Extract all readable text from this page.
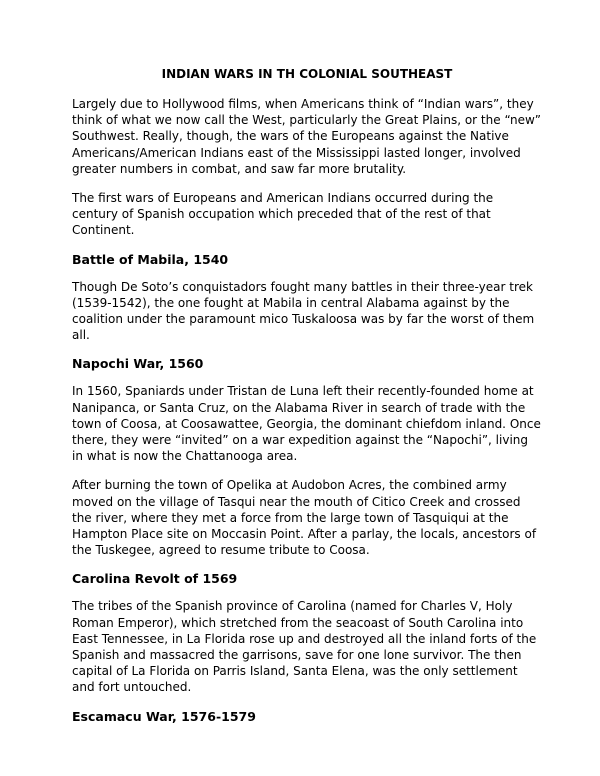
INDIAN WARS IN TH COLONIAL SOUTHEAST

Largely due to Hollywood films, when Americans think of “Indian wars”, they think of what we now call the West, particularly the Great Plains, or the “new” Southwest. Really, though, the wars of the Europeans against the Native Americans/American Indians east of the Mississippi lasted longer, involved greater numbers in combat, and saw far more brutality.

The first wars of Europeans and American Indians occurred during the century of Spanish occupation which preceded that of the rest of that Continent.

Battle of Mabila, 1540

Though De Soto’s conquistadors fought many battles in their three-year trek (1539-1542), the one fought at Mabila in central Alabama against by the coalition under the paramount mico Tuskaloosa was by far the worst of them all.

Napochi War, 1560

In 1560, Spaniards under Tristan de Luna left their recently-founded home at Nanipanca, or Santa Cruz, on the Alabama River in search of trade with the town of Coosa, at Coosawattee, Georgia, the dominant chiefdom inland. Once there, they were “invited” on a war expedition against the “Napochi”, living in what is now the Chattanooga area.

After burning the town of Opelika at Audobon Acres, the combined army moved on the village of Tasqui near the mouth of Citico Creek and crossed the river, where they met a force from the large town of Tasquiqui at the Hampton Place site on Moccasin Point. After a parlay, the locals, ancestors of the Tuskegee, agreed to resume tribute to Coosa.

Carolina Revolt of 1569

The tribes of the Spanish province of Carolina (named for Charles V, Holy Roman Emperor), which stretched from the seacoast of South Carolina into East Tennessee, in La Florida rose up and destroyed all the inland forts of the Spanish and massacred the garrisons, save for one lone survivor. The then capital of La Florida on Parris Island, Santa Elena, was the only settlement and fort untouched.

Escamacu War, 1576-1579
